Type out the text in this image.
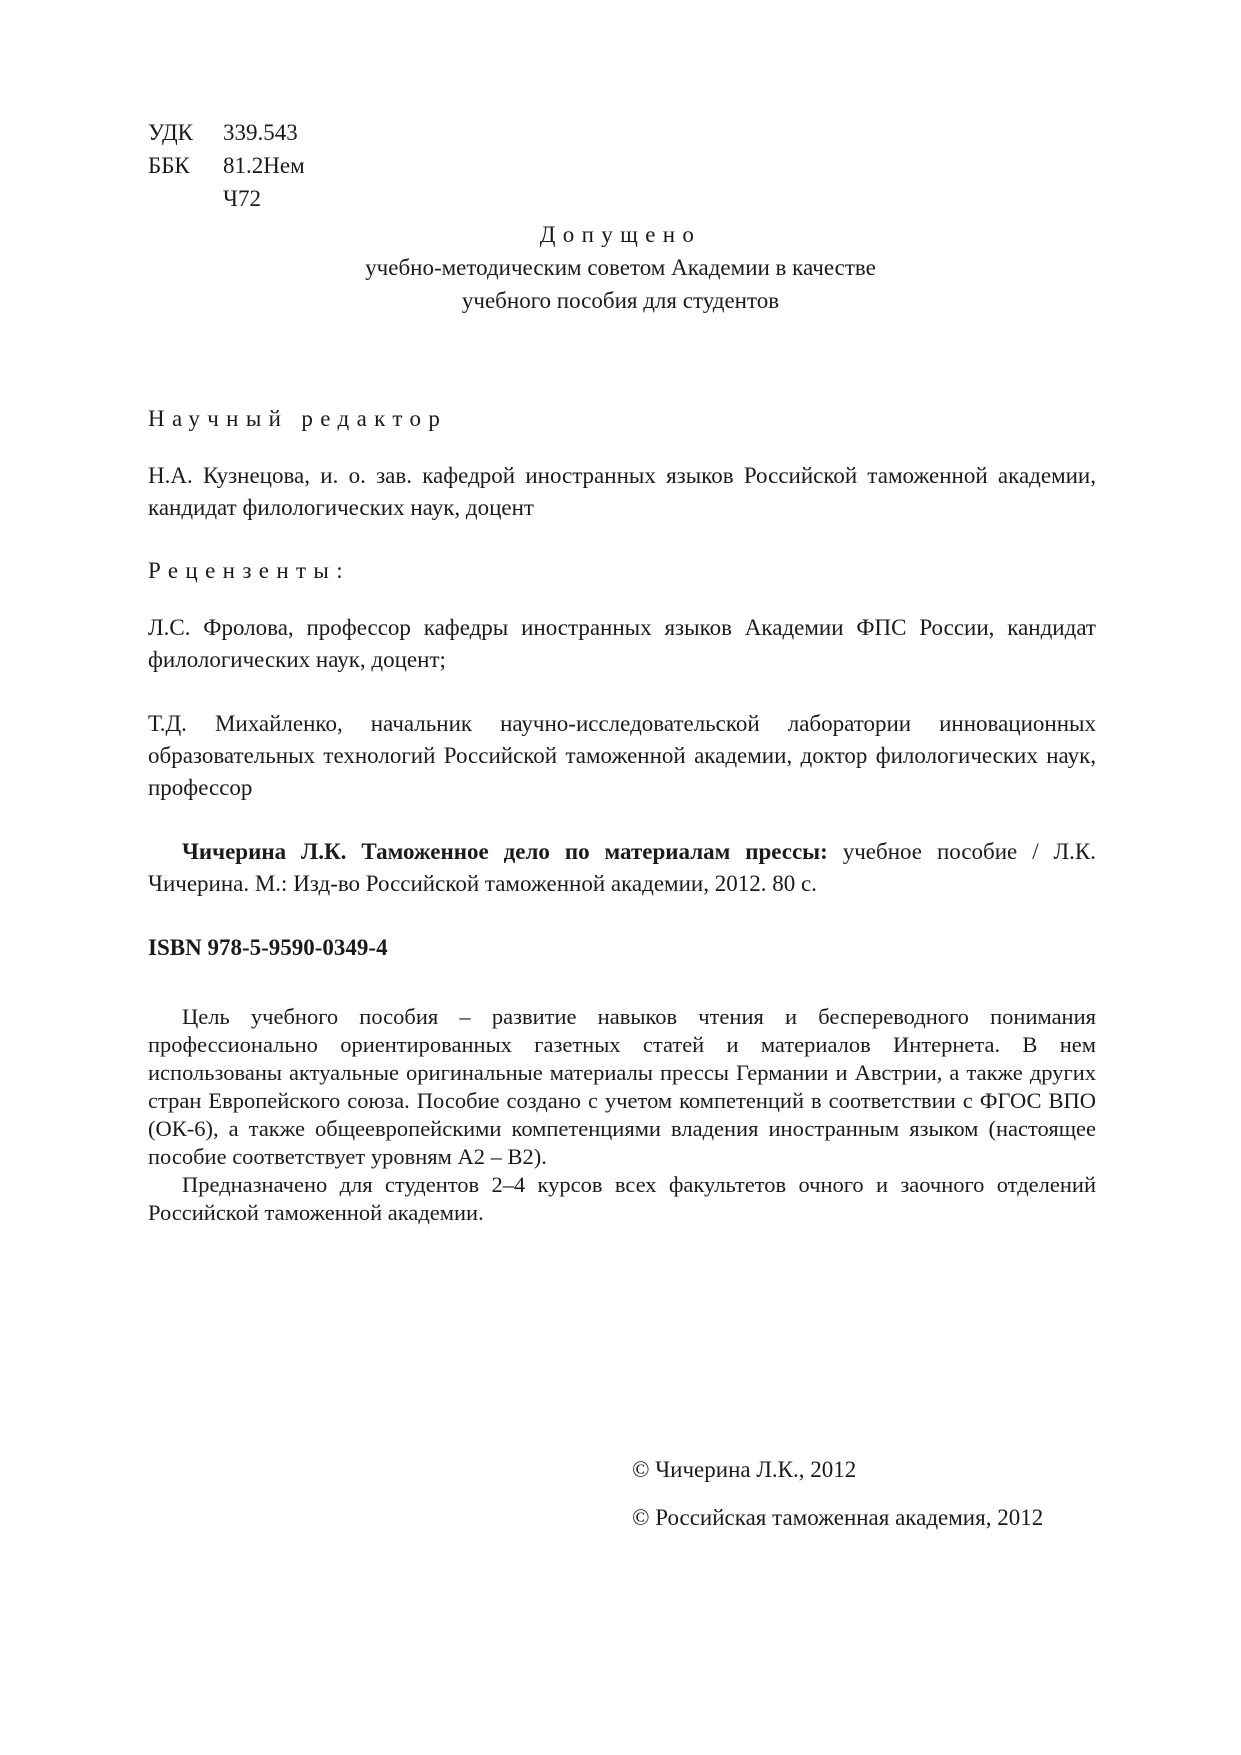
УДК	339.543
ББК	81.2Нем
Ч72
Допущено
учебно-методическим советом Академии в качестве
учебного пособия для студентов
Научный редактор
Н.А. Кузнецова, и. о. зав. кафедрой иностранных языков Российской таможенной академии, кандидат филологических наук, доцент
Рецензенты:
Л.С. Фролова, профессор кафедры иностранных языков Академии ФПС России, кандидат филологических наук, доцент;
Т.Д. Михайленко, начальник научно-исследовательской лаборатории инновационных образовательных технологий Российской таможенной академии, доктор филологических наук, профессор
Чичерина Л.К. Таможенное дело по материалам прессы: учебное пособие / Л.К. Чичерина. М.: Изд-во Российской таможенной академии, 2012. 80 с.
ISBN 978-5-9590-0349-4
Цель учебного пособия – развитие навыков чтения и беспереводного понимания профессионально ориентированных газетных статей и материалов Интернета. В нем использованы актуальные оригинальные материалы прессы Германии и Австрии, а также других стран Европейского союза. Пособие создано с учетом компетенций в соответствии с ФГОС ВПО (ОК-6), а также общеевропейскими компетенциями владения иностранным языком (настоящее пособие соответствует уровням А2 – В2).
Предназначено для студентов 2–4 курсов всех факультетов очного и заочного отделений Российской таможенной академии.
© Чичерина Л.К., 2012
© Российская таможенная академия, 2012
